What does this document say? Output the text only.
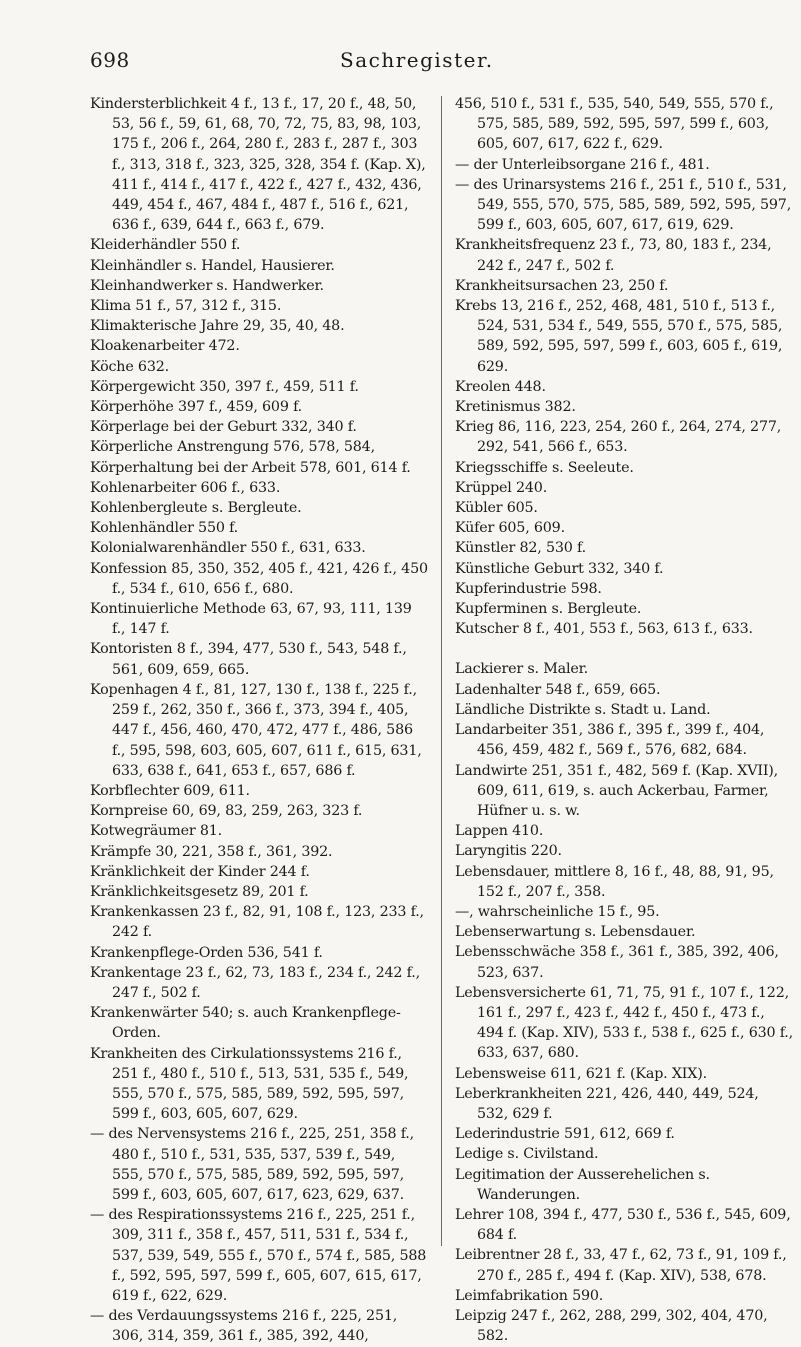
698	Sachregister.

Kindersterblichkeit 4 f., 13 f., 17, 20 f., 48, 50, 53, 56 f., 59, 61, 68, 70, 72, 75, 83, 98, 103, 175 f., 206 f., 264, 280 f., 283 f., 287 f., 303 f., 313, 318 f., 323, 325, 328, 354 f. (Kap. X), 411 f., 414 f., 417 f., 422 f., 427 f., 432, 436, 449, 454 f., 467, 484 f., 487 f., 516 f., 621, 636 f., 639, 644 f., 663 f., 679.

Kleiderhändler 550 f.

Kleinhändler s. Handel, Hausierer.

Kleinhandwerker s. Handwerker.

Klima 51 f., 57, 312 f., 315.

Klimakterische Jahre 29, 35, 40, 48.

Kloakenarbeiter 472.

Köche 632.

Körpergewicht 350, 397 f., 459, 511 f.

Körperhöhe 397 f., 459, 609 f.

Körperlage bei der Geburt 332, 340 f.

Körperliche Anstrengung 576, 578, 584,

Körperhaltung bei der Arbeit 578, 601, 614 f.

Kohlenarbeiter 606 f., 633.

Kohlenbergleute s. Bergleute.

Kohlenhändler 550 f.

Kolonialwarenhändler 550 f., 631, 633.

Konfession 85, 350, 352, 405 f., 421, 426 f., 450 f., 534 f., 610, 656 f., 680.

Kontinuierliche Methode 63, 67, 93, 111, 139 f., 147 f.

Kontoristen 8 f., 394, 477, 530 f., 543, 548 f., 561, 609, 659, 665.

Kopenhagen 4 f., 81, 127, 130 f., 138 f., 225 f., 259 f., 262, 350 f., 366 f., 373, 394 f., 405, 447 f., 456, 460, 470, 472, 477 f., 486, 586 f., 595, 598, 603, 605, 607, 611 f., 615, 631, 633, 638 f., 641, 653 f., 657, 686 f.

Korbflechter 609, 611.

Kornpreise 60, 69, 83, 259, 263, 323 f.

Kotwegräumer 81.

Krämpfe 30, 221, 358 f., 361, 392.

Kränklichkeit der Kinder 244 f.

Kränklichkeitsgesetz 89, 201 f.

Krankenkassen 23 f., 82, 91, 108 f., 123, 233 f., 242 f.

Krankenpflege-Orden 536, 541 f.

Krankentage 23 f., 62, 73, 183 f., 234 f., 242 f., 247 f., 502 f.

Krankenwärter 540; s. auch Krankenpflege-Orden.

Krankheiten des Cirkulationssystems 216 f., 251 f., 480 f., 510 f., 513, 531, 535 f., 549, 555, 570 f., 575, 585, 589, 592, 595, 597, 599 f., 603, 605, 607, 629.

— des Nervensystems 216 f., 225, 251, 358 f., 480 f., 510 f., 531, 535, 537, 539 f., 549, 555, 570 f., 575, 585, 589, 592, 595, 597, 599 f., 603, 605, 607, 617, 623, 629, 637.

— des Respirationssystems 216 f., 225, 251 f., 309, 311 f., 358 f., 457, 511, 531 f., 534 f., 537, 539, 549, 555 f., 570 f., 574 f., 585, 588 f., 592, 595, 597, 599 f., 605, 607, 615, 617, 619 f., 622, 629.

— des Verdauungssystems 216 f., 225, 251, 306, 314, 359, 361 f., 385, 392, 440,

456, 510 f., 531 f., 535, 540, 549, 555, 570 f., 575, 585, 589, 592, 595, 597, 599 f., 603, 605, 607, 617, 622 f., 629.

— der Unterleibsorgane 216 f., 481.

— des Urinarsystems 216 f., 251 f., 510 f., 531, 549, 555, 570, 575, 585, 589, 592, 595, 597, 599 f., 603, 605, 607, 617, 619, 629.

Krankheitsfrequenz 23 f., 73, 80, 183 f., 234, 242 f., 247 f., 502 f.

Krankheitsursachen 23, 250 f.

Krebs 13, 216 f., 252, 468, 481, 510 f., 513 f., 524, 531, 534 f., 549, 555, 570 f., 575, 585, 589, 592, 595, 597, 599 f., 603, 605 f., 619, 629.

Kreolen 448.

Kretinismus 382.

Krieg 86, 116, 223, 254, 260 f., 264, 274, 277, 292, 541, 566 f., 653.

Kriegsschiffe s. Seeleute.

Krüppel 240.

Kübler 605.

Küfer 605, 609.

Künstler 82, 530 f.

Künstliche Geburt 332, 340 f.

Kupferindustrie 598.

Kupferminen s. Bergleute.

Kutscher 8 f., 401, 553 f., 563, 613 f., 633.

Lackierer s. Maler.

Ladenhalter 548 f., 659, 665.

Ländliche Distrikte s. Stadt u. Land.

Landarbeiter 351, 386 f., 395 f., 399 f., 404, 456, 459, 482 f., 569 f., 576, 682, 684.

Landwirte 251, 351 f., 482, 569 f. (Kap. XVII), 609, 611, 619, s. auch Ackerbau, Farmer, Hüfner u. s. w.

Lappen 410.

Laryngitis 220.

Lebensdauer, mittlere 8, 16 f., 48, 88, 91, 95, 152 f., 207 f., 358.

—, wahrscheinliche 15 f., 95.

Lebenserwartung s. Lebensdauer.

Lebensschwäche 358 f., 361 f., 385, 392, 406, 523, 637.

Lebensversicherte 61, 71, 75, 91 f., 107 f., 122, 161 f., 297 f., 423 f., 442 f., 450 f., 473 f., 494 f. (Kap. XIV), 533 f., 538 f., 625 f., 630 f., 633, 637, 680.

Lebensweise 611, 621 f. (Kap. XIX).

Leberkrankheiten 221, 426, 440, 449, 524, 532, 629 f.

Lederindustrie 591, 612, 669 f.

Ledige s. Civilstand.

Legitimation der Ausserehelichen s. Wanderungen.

Lehrer 108, 394 f., 477, 530 f., 536 f., 545, 609, 684 f.

Leibrentner 28 f., 33, 47 f., 62, 73 f., 91, 109 f., 270 f., 285 f., 494 f. (Kap. XIV), 538, 678.

Leimfabrikation 590.

Leipzig 247 f., 262, 288, 299, 302, 404, 470, 582.
